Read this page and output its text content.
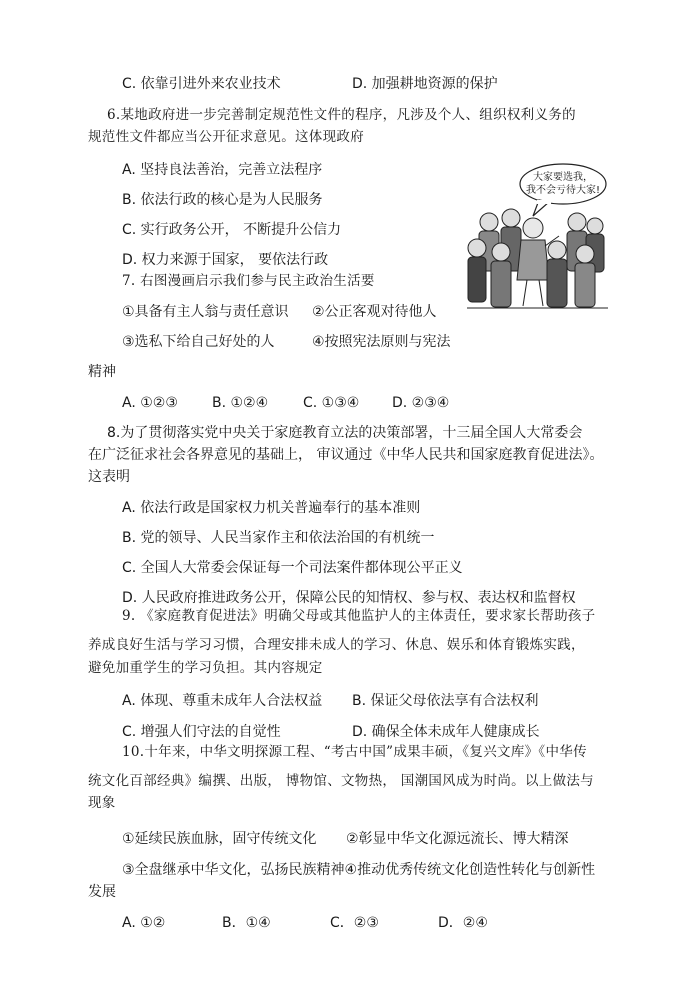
C. 依靠引进外来农业技术	D. 加强耕地资源的保护
6.某地政府进一步完善制定规范性文件的程序，凡涉及个人、组织权利义务的
规范性文件都应当公开征求意见。这体现政府
A. 坚持良法善治，完善立法程序
B. 依法行政的核心是为人民服务
C. 实行政务公开， 不断提升公信力
D. 权力来源于国家， 要依法行政
7. 右图漫画启示我们参与民主政治生活要
①具备有主人翁与责任意识 ②公正客观对待他人
③选私下给自己好处的人	④按照宪法原则与宪法
精神
A. ①②③ B. ①②④ C. ①③④ D. ②③④
8.为了贯彻落实党中央关于家庭教育立法的决策部署，十三届全国人大常委会
在广泛征求社会各界意见的基础上， 审议通过《中华人民共和国家庭教育促进法》。
这表明
A. 依法行政是国家权力机关普遍奉行的基本准则
B. 党的领导、人民当家作主和依法治国的有机统一
C. 全国人大常委会保证每一个司法案件都体现公平正义
D. 人民政府推进政务公开，保障公民的知情权、参与权、表达权和监督权
9. 《家庭教育促进法》明确父母或其他监护人的主体责任，要求家长帮助孩子
养成良好生活与学习习惯，合理安排未成人的学习、休息、娱乐和体育锻炼实践，
避免加重学生的学习负担。其内容规定
A. 体现、尊重未成年人合法权益 B. 保证父母依法享有合法权利
C. 增强人们守法的自觉性	D. 确保全体未成年人健康成长
10.十年来，中华文明探源工程、“考古中国”成果丰硕，《复兴文库》《中华传
统文化百部经典》编撰、出版， 博物馆、文物热， 国潮国风成为时尚。以上做法与
现象
①延续民族血脉，固守传统文化 ②彰显中华文化源远流长、博大精深
③全盘继承中华文化，弘扬民族精神④推动优秀传统文化创造性转化与创新性
发展
A. ①②	B．①④	C．②③	D．②④
大家要选我，
我不会亏待大家!
